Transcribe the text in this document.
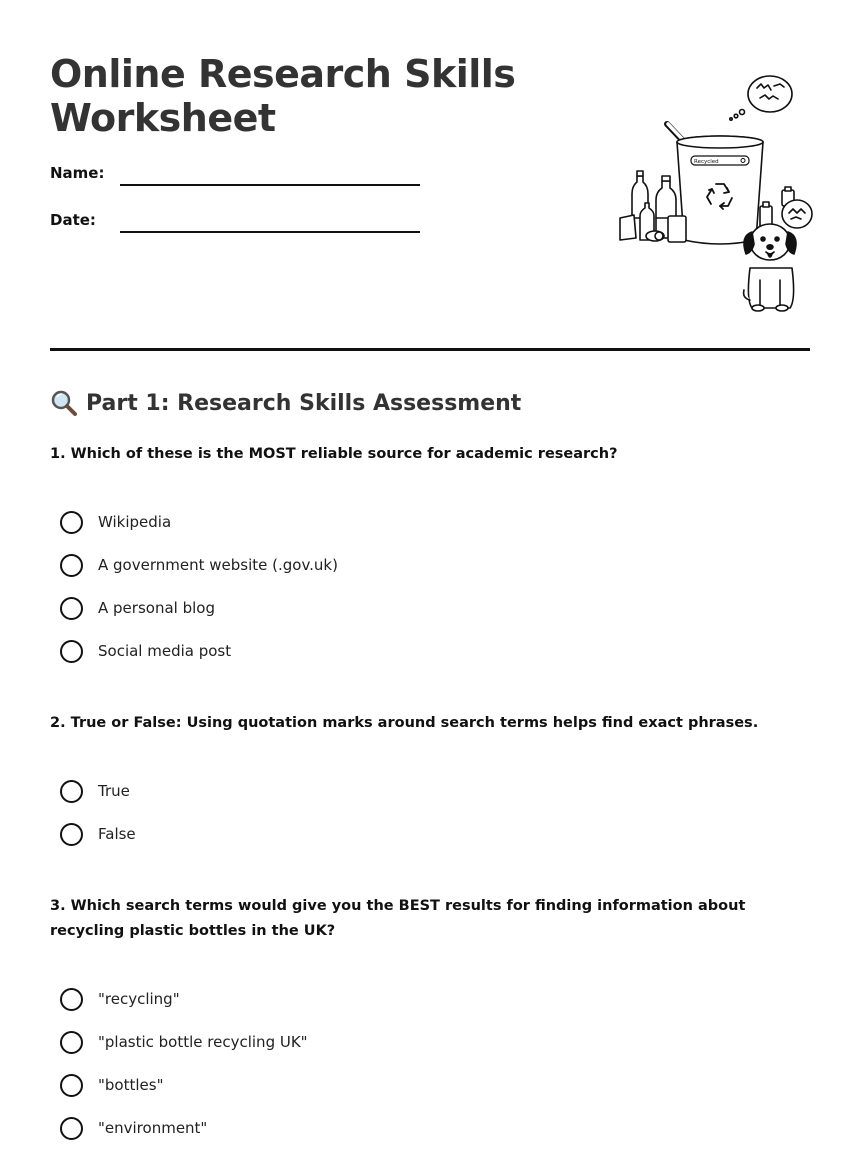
Online Research Skills Worksheet
Name:
Date:
Recycled
Part 1: Research Skills Assessment
1. Which of these is the MOST reliable source for academic research?
Wikipedia
A government website (.gov.uk)
A personal blog
Social media post
2. True or False: Using quotation marks around search terms helps find exact phrases.
True
False
3. Which search terms would give you the BEST results for finding information about recycling plastic bottles in the UK?
"recycling"
"plastic bottle recycling UK"
"bottles"
"environment"
